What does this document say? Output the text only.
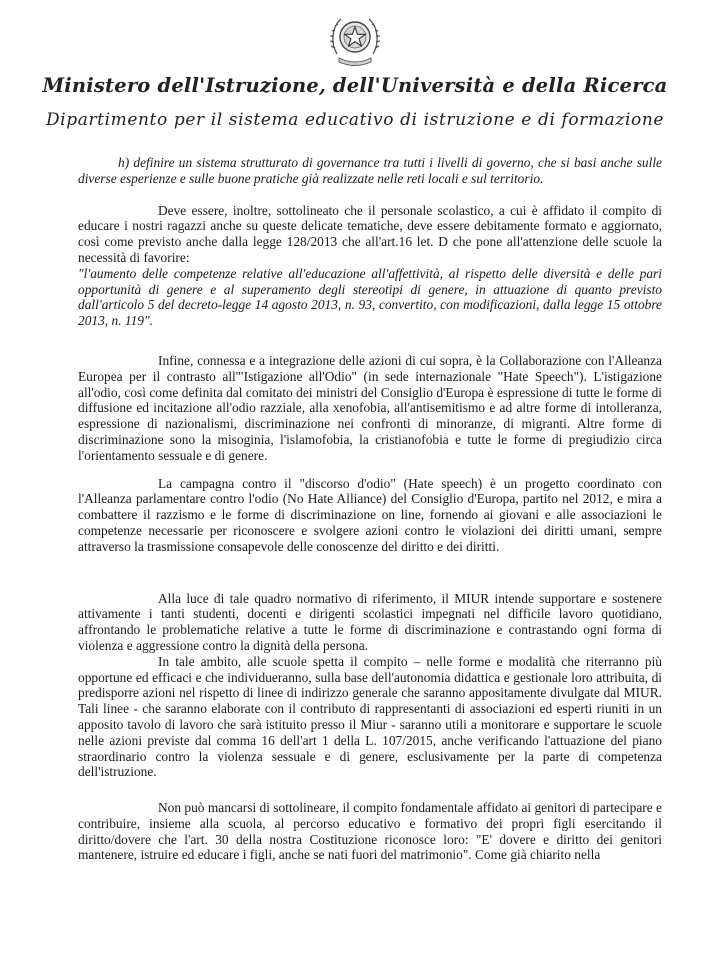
Ministero dell'Istruzione, dell'Università e della Ricerca
Dipartimento per il sistema educativo di istruzione e di formazione

h) definire un sistema strutturato di governance tra tutti i livelli di governo, che si basi anche sulle diverse esperienze e sulle buone pratiche già realizzate nelle reti locali e sul territorio.

Deve essere, inoltre, sottolineato che il personale scolastico, a cui è affidato il compito di educare i nostri ragazzi anche su queste delicate tematiche, deve essere debitamente formato e aggiornato, così come previsto anche dalla legge 128/2013 che all'art.16 let. D che pone all'attenzione delle scuole la necessità di favorire:

"l'aumento delle competenze relative all'educazione all'affettività, al rispetto delle diversità e delle pari opportunità di genere e al superamento degli stereotipi di genere, in attuazione di quanto previsto dall'articolo 5 del decreto-legge 14 agosto 2013, n. 93, convertito, con modificazioni, dalla legge 15 ottobre 2013, n. 119".

Infine, connessa e a integrazione delle azioni di cui sopra, è la Collaborazione con l'Alleanza Europea per il contrasto all'"Istigazione all'Odio" (in sede internazionale "Hate Speech"). L'istigazione all'odio, così come definita dal comitato dei ministri del Consiglio d'Europa è espressione di tutte le forme di diffusione ed incitazione all'odio razziale, alla xenofobia, all'antisemitismo e ad altre forme di intolleranza, espressione di nazionalismi, discriminazione nei confronti di minoranze, di migranti. Altre forme di discriminazione sono la misoginia, l'islamofobia, la cristianofobia e tutte le forme di pregiudizio circa l'orientamento sessuale e di genere.

La campagna contro il "discorso d'odio" (Hate speech) è un progetto coordinato con l'Alleanza parlamentare contro l'odio (No Hate Alliance) del Consiglio d'Europa, partito nel 2012, e mira a combattere il razzismo e le forme di discriminazione on line, fornendo ai giovani e alle associazioni le competenze necessarie per riconoscere e svolgere azioni contro le violazioni dei diritti umani, sempre attraverso la trasmissione consapevole delle conoscenze del diritto e dei diritti.

Alla luce di tale quadro normativo di riferimento, il MIUR intende supportare e sostenere attivamente i tanti studenti, docenti e dirigenti scolastici impegnati nel difficile lavoro quotidiano, affrontando le problematiche relative a tutte le forme di discriminazione e contrastando ogni forma di violenza e aggressione contro la dignità della persona.

In tale ambito, alle scuole spetta il compito – nelle forme e modalità che riterranno più opportune ed efficaci e che individueranno, sulla base dell'autonomia didattica e gestionale loro attribuita, di predisporre azioni nel rispetto di linee di indirizzo generale che saranno appositamente divulgate dal MIUR. Tali linee - che saranno elaborate con il contributo di rappresentanti di associazioni ed esperti riuniti in un apposito tavolo di lavoro che sarà istituito presso il Miur - saranno utili a monitorare e supportare le scuole nelle azioni previste dal comma 16 dell'art 1 della L. 107/2015, anche verificando l'attuazione del piano straordinario contro la violenza sessuale e di genere, esclusivamente per la parte di competenza dell'istruzione.

Non può mancarsi di sottolineare, il compito fondamentale affidato ai genitori di partecipare e contribuire, insieme alla scuola, al percorso educativo e formativo dei propri figli esercitando il diritto/dovere che l'art. 30 della nostra Costituzione riconosce loro: "E' dovere e diritto dei genitori mantenere, istruire ed educare i figli, anche se nati fuori del matrimonio". Come già chiarito nella
